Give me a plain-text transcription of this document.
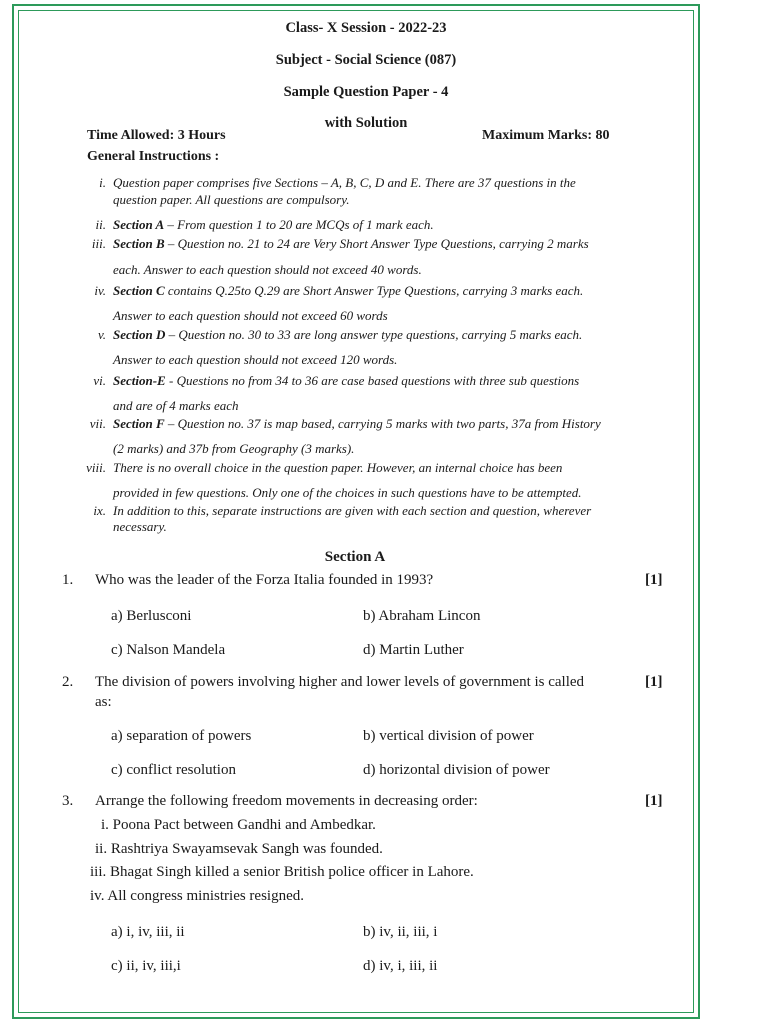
Class- X Session - 2022-23
Subject - Social Science (087)
Sample Question Paper - 4
with Solution
Time Allowed: 3 Hours	Maximum Marks: 80
General Instructions :
i. Question paper comprises five Sections – A, B, C, D and E. There are 37 questions in the
question paper. All questions are compulsory.
ii. Section A – From question 1 to 20 are MCQs of 1 mark each.
iii. Section B – Question no. 21 to 24 are Very Short Answer Type Questions, carrying 2 marks
each. Answer to each question should not exceed 40 words.
iv. Section C contains Q.25to Q.29 are Short Answer Type Questions, carrying 3 marks each.
Answer to each question should not exceed 60 words
v. Section D – Question no. 30 to 33 are long answer type questions, carrying 5 marks each.
Answer to each question should not exceed 120 words.
vi. Section-E - Questions no from 34 to 36 are case based questions with three sub questions
and are of 4 marks each
vii. Section F – Question no. 37 is map based, carrying 5 marks with two parts, 37a from History
(2 marks) and 37b from Geography (3 marks).
viii. There is no overall choice in the question paper. However, an internal choice has been
provided in few questions. Only one of the choices in such questions have to be attempted.
ix. In addition to this, separate instructions are given with each section and question, wherever
necessary.
Section A
1. Who was the leader of the Forza Italia founded in 1993?	[1]
a) Berlusconi	b) Abraham Lincon
c) Nalson Mandela	d) Martin Luther
2. The division of powers involving higher and lower levels of government is called
as:
[1]
a) separation of powers	b) vertical division of power
c) conflict resolution	d) horizontal division of power
3. Arrange the following freedom movements in decreasing order:	[1]
i. Poona Pact between Gandhi and Ambedkar.
ii. Rashtriya Swayamsevak Sangh was founded.
iii. Bhagat Singh killed a senior British police officer in Lahore.
iv. All congress ministries resigned.
a) i, iv, iii, ii	b) iv, ii, iii, i
c) ii, iv, iii,i	d) iv, i, iii, ii
